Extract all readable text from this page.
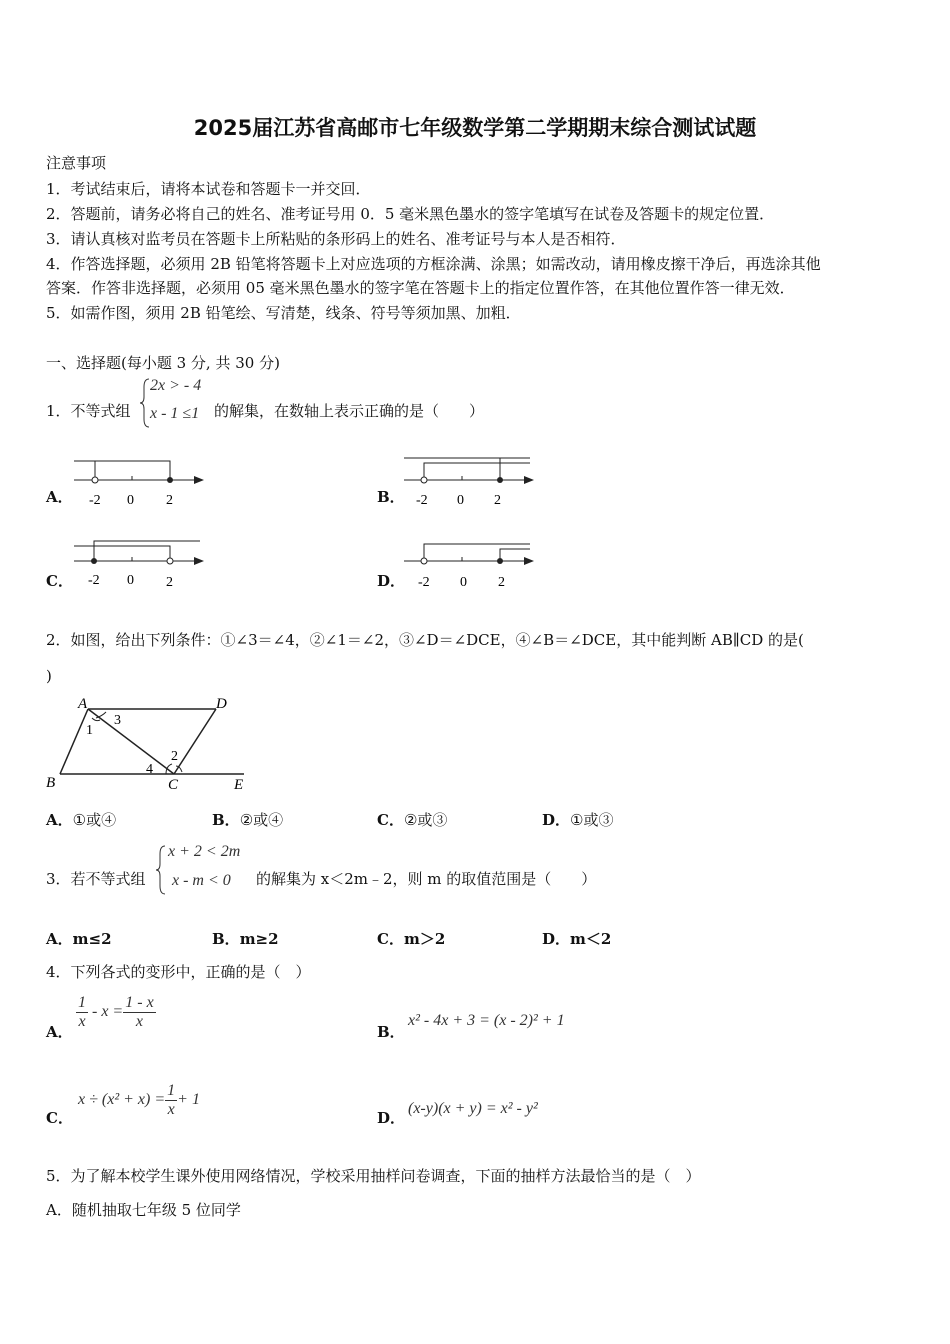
2025届江苏省高邮市七年级数学第二学期期末综合测试试题
注意事项
1．考试结束后，请将本试卷和答题卡一并交回．
2．答题前，请务必将自己的姓名、准考证号用 0．5 毫米黑色墨水的签字笔填写在试卷及答题卡的规定位置．
3．请认真核对监考员在答题卡上所粘贴的条形码上的姓名、准考证号与本人是否相符．
4．作答选择题，必须用 2B 铅笔将答题卡上对应选项的方框涂满、涂黑；如需改动，请用橡皮擦干净后，再选涂其他
答案．作答非选择题，必须用 05 毫米黑色墨水的签字笔在答题卡上的指定位置作答，在其他位置作答一律无效．
5．如需作图，须用 2B 铅笔绘、写清楚，线条、符号等须加黑、加粗．
一、选择题(每小题 3 分, 共 30 分)
1．不等式组
2x > - 4
x - 1 ≤1 的解集，在数轴上表示正确的是（　　）
A．	B．
C．	D．
-2 0 2	-2 0 2
-2 0 2	-2 0 2
2．如图，给出下列条件：①∠3＝∠4，②∠1＝∠2，③∠D＝∠DCE，④∠B＝∠DCE，其中能判断 AB∥CD 的是(
)
A	D
B	C	E
1
2
3
4
A．①或④	B．②或④	C．②或③	D．①或③
3．若不等式组
x + 2 < 2m
x - m < 0 的解集为 x＜2m﹣2，则 m 的取值范围是（　　）
A．m≤2	B．m≥2	C．m＞2	D．m＜2
4．下列各式的变形中，正确的是（　）
A．
$\frac{1}{x} - x = \frac{1 - x}{x}$
B．
x² - 4x + 3 = (x - 2)² + 1
C．
$x \div (x^2 + x) = \frac{1}{x} + 1$
D．
(x-y)(x + y) = x² - y²
5．为了解本校学生课外使用网络情况，学校采用抽样问卷调查，下面的抽样方法最恰当的是（　）
A．随机抽取七年级 5 位同学
